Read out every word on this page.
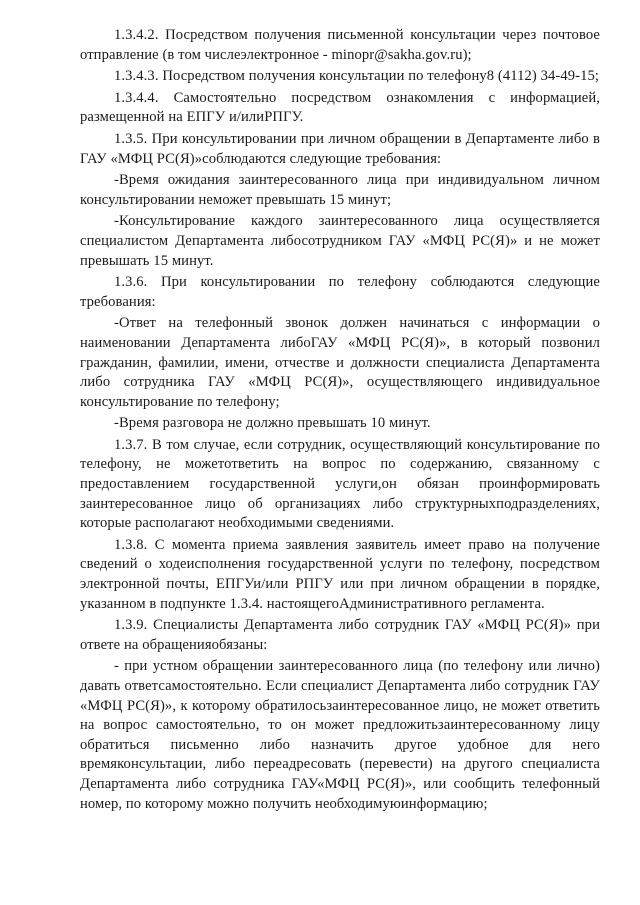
1.3.4.2. Посредством получения письменной консультации через почтовое отправление (в том числеэлектронное - minopr@sakha.gov.ru);

1.3.4.3. Посредством получения консультации по телефону8 (4112) 34-49-15;

1.3.4.4. Самостоятельно посредством ознакомления с информацией, размещенной на ЕПГУ и/илиРПГУ.

1.3.5. При консультировании при личном обращении в Департаменте либо в ГАУ «МФЦ РС(Я)»соблюдаются следующие требования:

-Время ожидания заинтересованного лица при индивидуальном личном консультировании неможет превышать 15 минут;

-Консультирование каждого заинтересованного лица осуществляется специалистом Департамента либосотрудником ГАУ «МФЦ РС(Я)» и не может превышать 15 минут.

1.3.6. При консультировании по телефону соблюдаются следующие требования:

-Ответ на телефонный звонок должен начинаться с информации о наименовании Департамента либоГАУ «МФЦ РС(Я)», в который позвонил гражданин, фамилии, имени, отчестве и должности специалиста Департамента либо сотрудника ГАУ «МФЦ РС(Я)», осуществляющего индивидуальное консультирование по телефону;

-Время разговора не должно превышать 10 минут.

1.3.7. В том случае, если сотрудник, осуществляющий консультирование по телефону, не можетответить на вопрос по содержанию, связанному с предоставлением государственной услуги,он обязан проинформировать заинтересованное лицо об организациях либо структурныхподразделениях, которые располагают необходимыми сведениями.

1.3.8. С момента приема заявления заявитель имеет право на получение сведений о ходеисполнения государственной услуги по телефону, посредством электронной почты, ЕПГУи/или РПГУ или при личном обращении в порядке, указанном в подпункте 1.3.4. настоящегоАдминистративного регламента.

1.3.9. Специалисты Департамента либо сотрудник ГАУ «МФЦ РС(Я)» при ответе на обращенияобязаны:

- при устном обращении заинтересованного лица (по телефону или лично) давать ответсамостоятельно. Если специалист Департамента либо сотрудник ГАУ «МФЦ РС(Я)», к которому обратилосьзаинтересованное лицо, не может ответить на вопрос самостоятельно, то он может предложитьзаинтересованному лицу обратиться письменно либо назначить другое удобное для него времяконсультации, либо переадресовать (перевести) на другого специалиста Департамента либо сотрудника ГАУ«МФЦ РС(Я)», или сообщить телефонный номер, по которому можно получить необходимуюинформацию;
